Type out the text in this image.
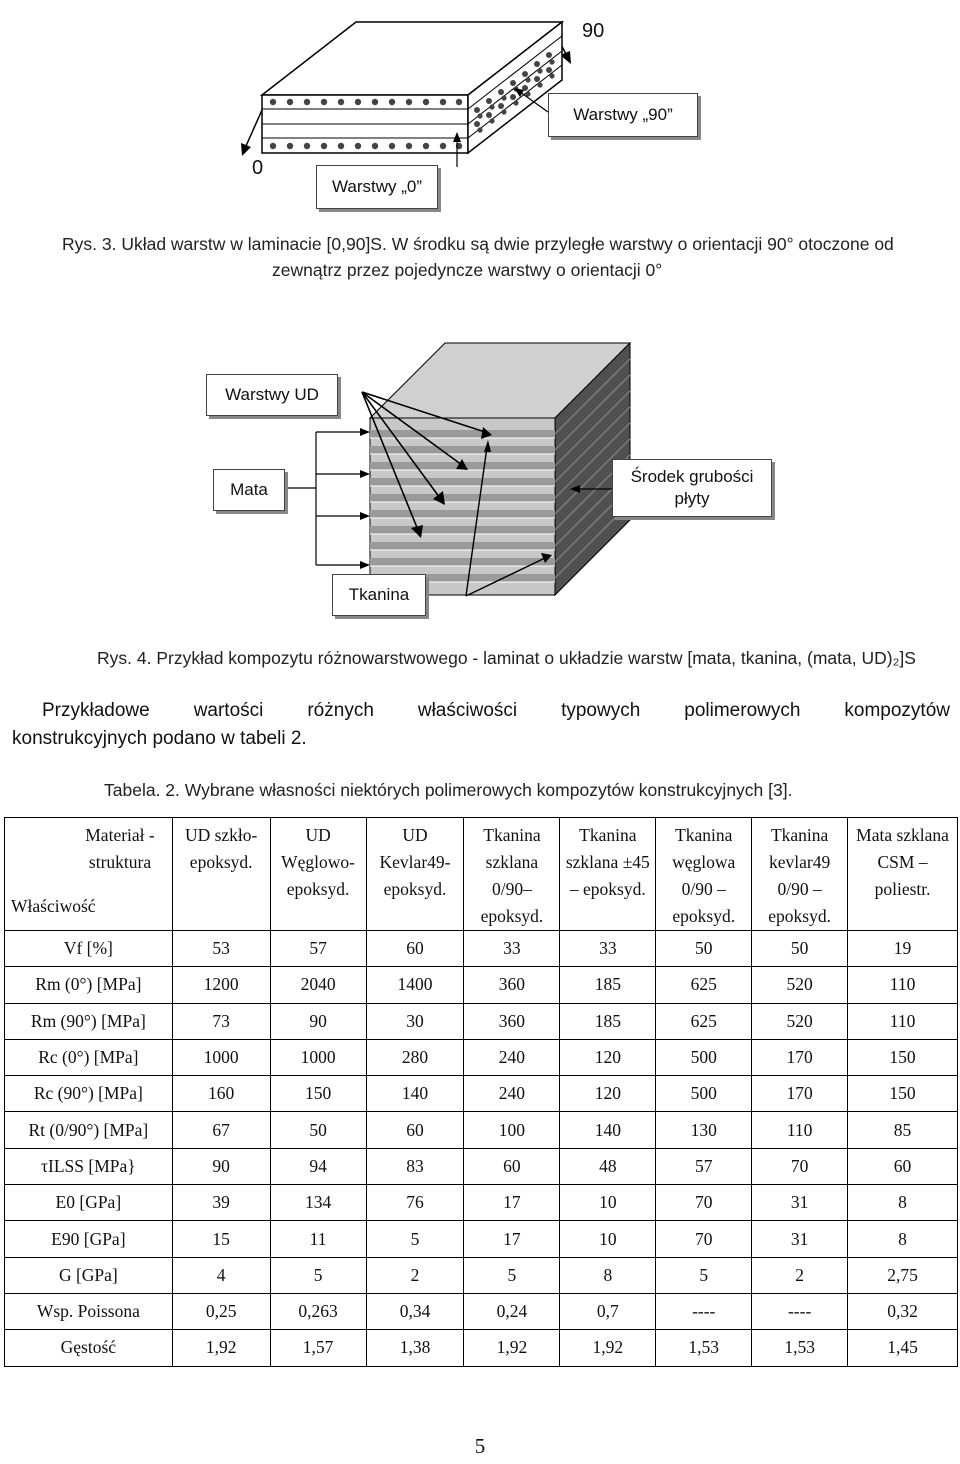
90
0
Warstwy „90”
Warstwy „0”
Rys. 3. Układ warstw w laminacie [0,90]S. W środku są dwie przyległe warstwy o orientacji 90° otoczone od
zewnątrz przez pojedyncze warstwy o orientacji 0°
Warstwy UD
Mata
Środek grubości płyty
Tkanina
Rys. 4. Przykład kompozytu różnowarstwowego - laminat o układzie warstw [mata, tkanina, (mata, UD)₂]S
Przykładowe wartości różnych właściwości typowych polimerowych kompozytów
konstrukcyjnych podano w tabeli 2.
Tabela. 2. Wybrane własności niektórych polimerowych kompozytów konstrukcyjnych [3].
Materiał - struktura
Właściwość	UD szkło-epoksyd.	UD Węglowo-epoksyd.	UD Kevlar49-epoksyd.	Tkanina szklana 0/90– epoksyd.	Tkanina szklana ±45 – epoksyd.	Tkanina węglowa 0/90 – epoksyd.	Tkanina kevlar49 0/90 – epoksyd.	Mata szklana CSM – poliestr.
Vf [%]	53	57	60	33	33	50	50	19
Rm (0°) [MPa]	1200	2040	1400	360	185	625	520	110
Rm (90°) [MPa]	73	90	30	360	185	625	520	110
Rc (0°) [MPa]	1000	1000	280	240	120	500	170	150
Rc (90°) [MPa]	160	150	140	240	120	500	170	150
Rt (0/90°) [MPa]	67	50	60	100	140	130	110	85
τILSS [MPa}	90	94	83	60	48	57	70	60
E0 [GPa]	39	134	76	17	10	70	31	8
E90 [GPa]	15	11	5	17	10	70	31	8
G [GPa]	4	5	2	5	8	5	2	2,75
Wsp. Poissona	0,25	0,263	0,34	0,24	0,7	----	----	0,32
Gęstość	1,92	1,57	1,38	1,92	1,92	1,53	1,53	1,45
5
